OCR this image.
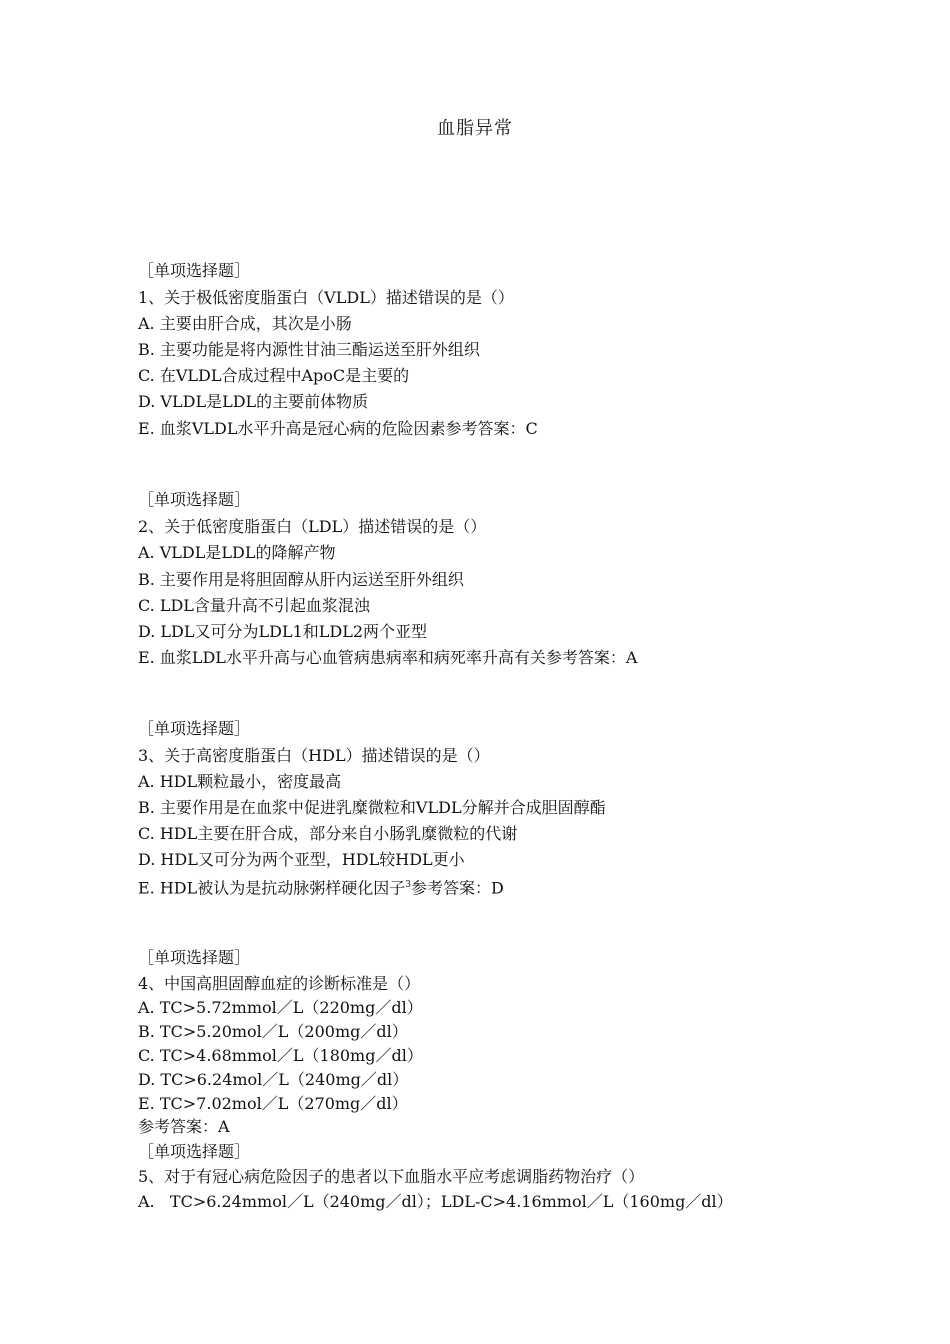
血脂异常
［单项选择题］
1、关于极低密度脂蛋白（VLDL）描述错误的是（）
A. 主要由肝合成，其次是小肠
B. 主要功能是将内源性甘油三酯运送至肝外组织
C. 在VLDL合成过程中ApoC是主要的
D. VLDL是LDL的主要前体物质
E. 血浆VLDL水平升高是冠心病的危险因素参考答案：C
［单项选择题］
2、关于低密度脂蛋白（LDL）描述错误的是（）
A. VLDL是LDL的降解产物
B. 主要作用是将胆固醇从肝内运送至肝外组织
C. LDL含量升高不引起血浆混浊
D. LDL又可分为LDL1和LDL2两个亚型
E. 血浆LDL水平升高与心血管病患病率和病死率升高有关参考答案：A
［单项选择题］
3、关于高密度脂蛋白（HDL）描述错误的是（）
A. HDL颗粒最小，密度最高
B. 主要作用是在血浆中促进乳糜微粒和VLDL分解并合成胆固醇酯
C. HDL主要在肝合成，部分来自小肠乳糜微粒的代谢
D. HDL又可分为两个亚型，HDL较HDL更小
E. HDL被认为是抗动脉粥样硬化因子$^3$参考答案：D
［单项选择题］
4、中国高胆固醇血症的诊断标准是（）
A. TC>5.72mmol／L（220mg／dl）
B. TC>5.20mol／L（200mg／dl）
C. TC>4.68mmol／L（180mg／dl）
D. TC>6.24mol／L（240mg／dl）
E. TC>7.02mol／L（270mg／dl）
参考答案：A
［单项选择题］
5、对于有冠心病危险因子的患者以下血脂水平应考虑调脂药物治疗（）
A.   TC>6.24mmol／L（240mg／dl）；LDL-C>4.16mmol／L（160mg／dl）
